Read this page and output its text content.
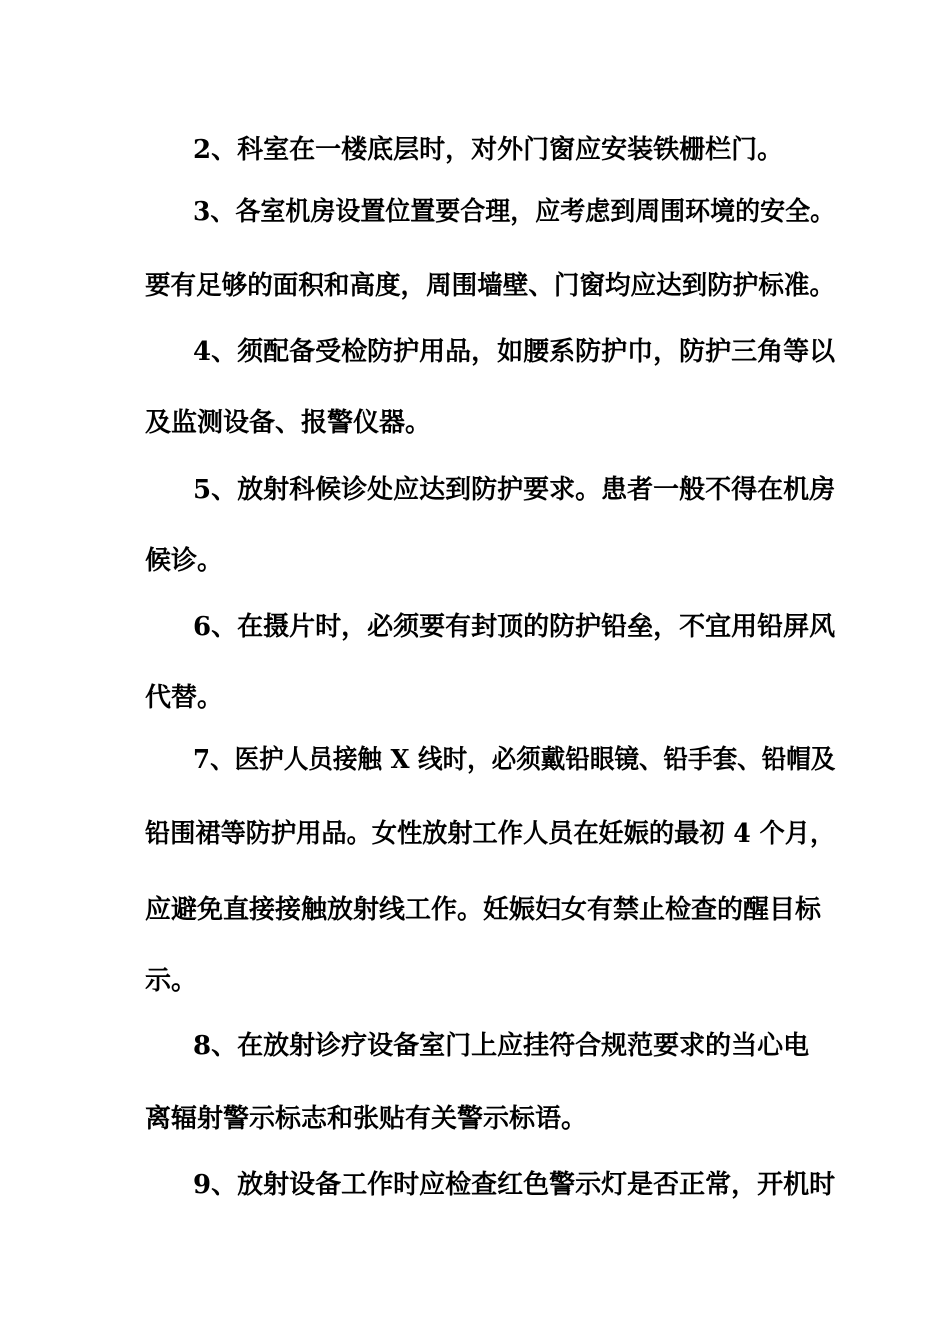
2、科室在一楼底层时，对外门窗应安装铁栅栏门。
3、各室机房设置位置要合理，应考虑到周围环境的安全。
要有足够的面积和高度，周围墙壁、门窗均应达到防护标准。
4、须配备受检防护用品，如腰系防护巾，防护三角等以
及监测设备、报警仪器。
5、放射科候诊处应达到防护要求。患者一般不得在机房
候诊。
6、在摄片时，必须要有封顶的防护铅垒，不宜用铅屏风
代替。
7、医护人员接触 X 线时，必须戴铅眼镜、铅手套、铅帽及
铅围裙等防护用品。女性放射工作人员在妊娠的最初 4 个月，
应避免直接接触放射线工作。妊娠妇女有禁止检查的醒目标
示。
8、在放射诊疗设备室门上应挂符合规范要求的当心电
离辐射警示标志和张贴有关警示标语。
9、放射设备工作时应检查红色警示灯是否正常，开机时
